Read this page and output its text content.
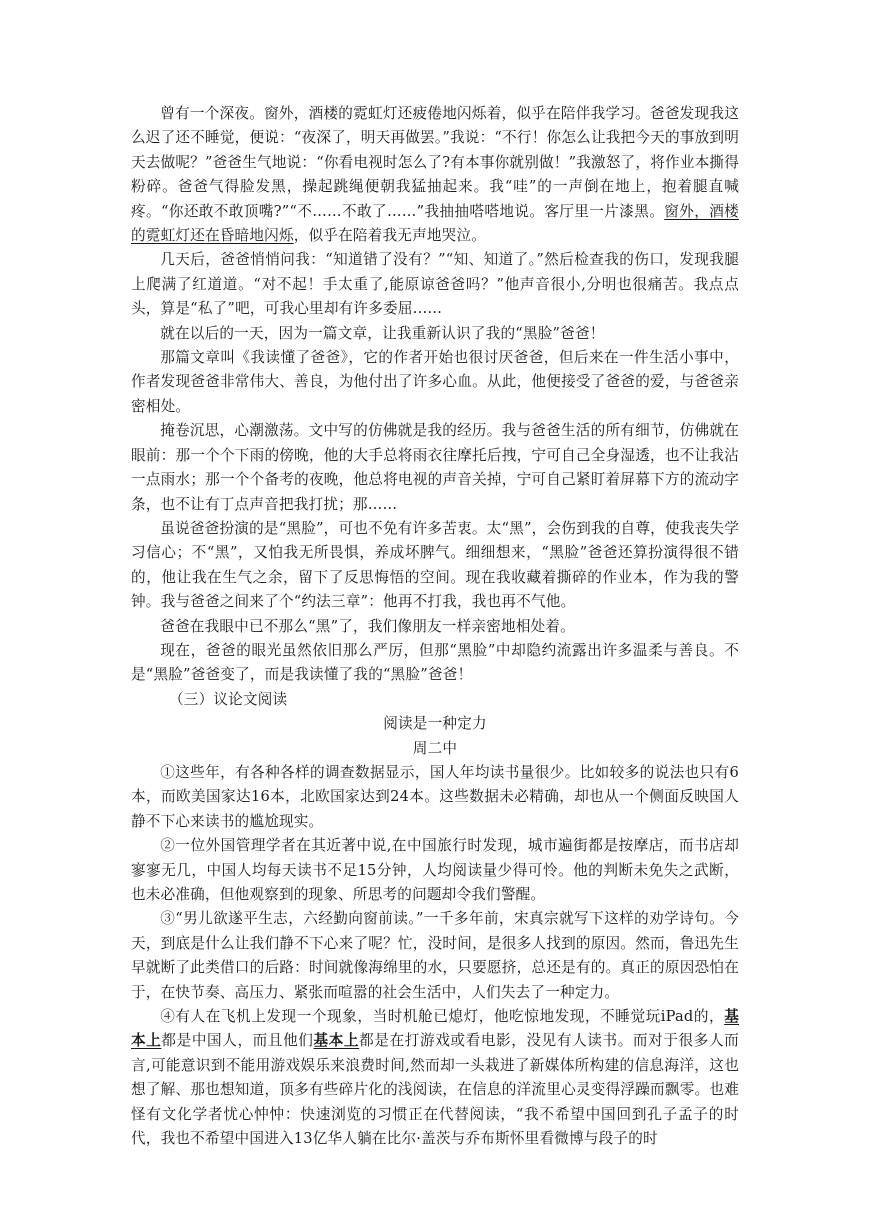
曾有一个深夜。窗外，酒楼的霓虹灯还疲倦地闪烁着，似乎在陪伴我学习。爸爸发现我这么迟了还不睡觉，便说：“夜深了，明天再做罢。”我说：“不行！你怎么让我把今天的事放到明天去做呢？”爸爸生气地说：“你看电视时怎么了?有本事你就别做！”我激怒了，将作业本撕得粉碎。爸爸气得脸发黑，操起跳绳便朝我猛抽起来。我“哇”的一声倒在地上，抱着腿直喊疼。“你还敢不敢顶嘴?”“不……不敢了……”我抽抽嗒嗒地说。客厅里一片漆黑。窗外，酒楼的霓虹灯还在昏暗地闪烁，似乎在陪着我无声地哭泣。

几天后，爸爸悄悄问我：“知道错了没有？”“知、知道了。”然后检查我的伤口，发现我腿上爬满了红道道。“对不起！手太重了,能原谅爸爸吗？”他声音很小,分明也很痛苦。我点点头，算是“私了”吧，可我心里却有许多委屈……

就在以后的一天，因为一篇文章，让我重新认识了我的“黑脸”爸爸！

那篇文章叫《我读懂了爸爸》，它的作者开始也很讨厌爸爸，但后来在一件生活小事中，作者发现爸爸非常伟大、善良，为他付出了许多心血。从此，他便接受了爸爸的爱，与爸爸亲密相处。

掩卷沉思，心潮激荡。文中写的仿佛就是我的经历。我与爸爸生活的所有细节，仿佛就在眼前：那一个个下雨的傍晚，他的大手总将雨衣往摩托后拽，宁可自己全身湿透，也不让我沾一点雨水；那一个个备考的夜晚，他总将电视的声音关掉，宁可自己紧盯着屏幕下方的流动字条，也不让有丁点声音把我打扰；那……

虽说爸爸扮演的是“黑脸”，可也不免有许多苦衷。太“黑”，会伤到我的自尊，使我丧失学习信心；不“黑”，又怕我无所畏惧，养成坏脾气。细细想来，“黑脸”爸爸还算扮演得很不错的，他让我在生气之余，留下了反思悔悟的空间。现在我收藏着撕碎的作业本，作为我的警钟。我与爸爸之间来了个“约法三章”：他再不打我，我也再不气他。

爸爸在我眼中已不那么“黑”了，我们像朋友一样亲密地相处着。

现在，爸爸的眼光虽然依旧那么严厉，但那“黑脸”中却隐约流露出许多温柔与善良。不是“黑脸”爸爸变了，而是我读懂了我的“黑脸”爸爸！

（三）议论文阅读

阅读是一种定力

周二中

①这些年，有各种各样的调查数据显示，国人年均读书量很少。比如较多的说法也只有6本，而欧美国家达16本，北欧国家达到24本。这些数据未必精确，却也从一个侧面反映国人静不下心来读书的尴尬现实。

②一位外国管理学者在其近著中说,在中国旅行时发现，城市遍街都是按摩店，而书店却寥寥无几，中国人均每天读书不足15分钟，人均阅读量少得可怜。他的判断未免失之武断，也未必准确，但他观察到的现象、所思考的问题却令我们警醒。

③“男儿欲遂平生志，六经勤向窗前读。”一千多年前，宋真宗就写下这样的劝学诗句。今天，到底是什么让我们静不下心来了呢？忙，没时间，是很多人找到的原因。然而，鲁迅先生早就断了此类借口的后路：时间就像海绵里的水，只要愿挤，总还是有的。真正的原因恐怕在于，在快节奏、高压力、紧张而喧嚣的社会生活中，人们失去了一种定力。

④有人在飞机上发现一个现象，当时机舱已熄灯，他吃惊地发现，不睡觉玩iPad的，基本上都是中国人，而且他们基本上都是在打游戏或看电影，没见有人读书。而对于很多人而言,可能意识到不能用游戏娱乐来浪费时间,然而却一头栽进了新媒体所构建的信息海洋，这也想了解、那也想知道，顶多有些碎片化的浅阅读，在信息的洋流里心灵变得浮躁而飘零。也难怪有文化学者忧心忡忡：快速浏览的习惯正在代替阅读，“我不希望中国回到孔子孟子的时代，我也不希望中国进入13亿华人躺在比尔·盖茨与乔布斯怀里看微博与段子的时
